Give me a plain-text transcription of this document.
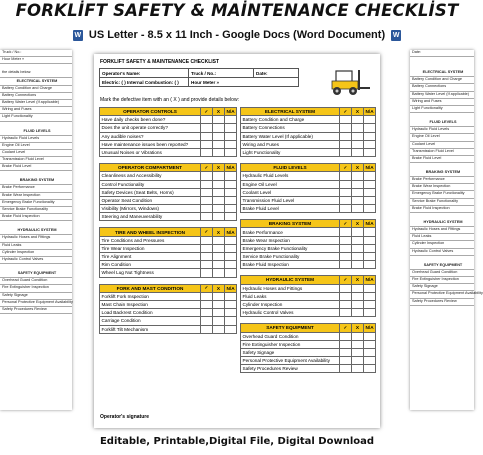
FORKLİFT SAFETY & MAİNTENANCE CHECKLİST
W US Letter - 8.5 x 11 Inch - Google Docs (Word Document) W
Truck / No.:
Hour Meter »
the details below:
ELECTRICAL SYSTEM
Battery Condition and Charge
Battery Connections
Battery Water Level (If applicable)
Wiring and Fuses
Light Functionality
FLUID LEVELS
Hydraulic Fluid Levels
Engine Oil Level
Coolant Level
Transmission Fluid Level
Brake Fluid Level
BRAKING SYSTEM
Brake Performance
Brake Wear Inspection
Emergency Brake Functionality
Service Brake Functionality
Brake Fluid Inspection
HYDRAULIC SYSTEM
Hydraulic Hoses and Fittings
Fluid Leaks
Cylinder Inspection
Hydraulic Control Valves
SAFETY EQUIPMENT
Overhead Guard Condition
Fire Extinguisher Inspection
Safety Signage
Personal Protective Equipment Availability
Safety Procedures Review
Date:
ELECTRICAL SYSTEM
Battery Condition and Charge
Battery Connections
Battery Water Level (If applicable)
Wiring and Fuses
Light Functionality
FLUID LEVELS
Hydraulic Fluid Levels
Engine Oil Level
Coolant Level
Transmission Fluid Level
Brake Fluid Level
BRAKING SYSTEM
Brake Performance
Brake Wear Inspection
Emergency Brake Functionality
Service Brake Functionality
Brake Fluid Inspection
HYDRAULIC SYSTEM
Hydraulic Hoses and Fittings
Fluid Leaks
Cylinder Inspection
Hydraulic Control Valves
SAFETY EQUIPMENT
Overhead Guard Condition
Fire Extinguisher Inspection
Safety Signage
Personal Protective Equipment Availability
Safety Procedures Review
FORKLIFT SAFETY & MAINTENANCE CHECKLIST
Operator's Name:	Truck / No.:	Date:
Electric: ( ) Internal Combustion: ( )	Hour Meter »	
Mark the defective item with an ( X ) and provide details below:
OPERATOR CONTROLS	✓	X	N/A
Have daily checks been done?			
Does the unit operate correctly?			
Any audible noises?			
Have maintenance issues been reported?			
Unusual Noises or Vibrations			

OPERATOR COMPARTMENT	✓	X	N/A
Cleanliness and Accessibility			
Control Functionality			
Safety Devices (Seat Belts, Horns)			
Operator Seat Condition			
Visibility (Mirrors, Windows)			
Steering and Maneuverability			

TIRE AND WHEEL INSPECTION	✓	X	N/A
Tire Conditions and Pressures			
Tire Wear Inspection			
Tire Alignment			
Rim Condition			
Wheel Lug Nut Tightness			

FORK AND MAST CONDITION	✓	X	N/A
Forklift Fork Inspection			
Mast Chain Inspection			
Load Backrest Condition			
Carriage Condition			
Forklift Tilt Mechanism			
ELECTRICAL SYSTEM	✓	X	N/A
Battery Condition and Charge			
Battery Connections			
Battery Water Level (If applicable)			
Wiring and Fuses			
Light Functionality			

FLUID LEVELS	✓	X	N/A
Hydraulic Fluid Levels			
Engine Oil Level			
Coolant Level			
Transmission Fluid Level			
Brake Fluid Level			

BRAKING SYSTEM	✓	X	N/A
Brake Performance			
Brake Wear Inspection			
Emergency Brake Functionality			
Service Brake Functionality			
Brake Fluid Inspection			

HYDRAULIC SYSTEM	✓	X	N/A
Hydraulic Hoses and Fittings			
Fluid Leaks			
Cylinder Inspection			
Hydraulic Control Valves			

SAFETY EQUIPMENT	✓	X	N/A
Overhead Guard Condition			
Fire Extinguisher Inspection			
Safety Signage			
Personal Protective Equipment Availability			
Safety Procedures Review			
Operator's signature
Editable, Printable,Digital File, Digital Download
